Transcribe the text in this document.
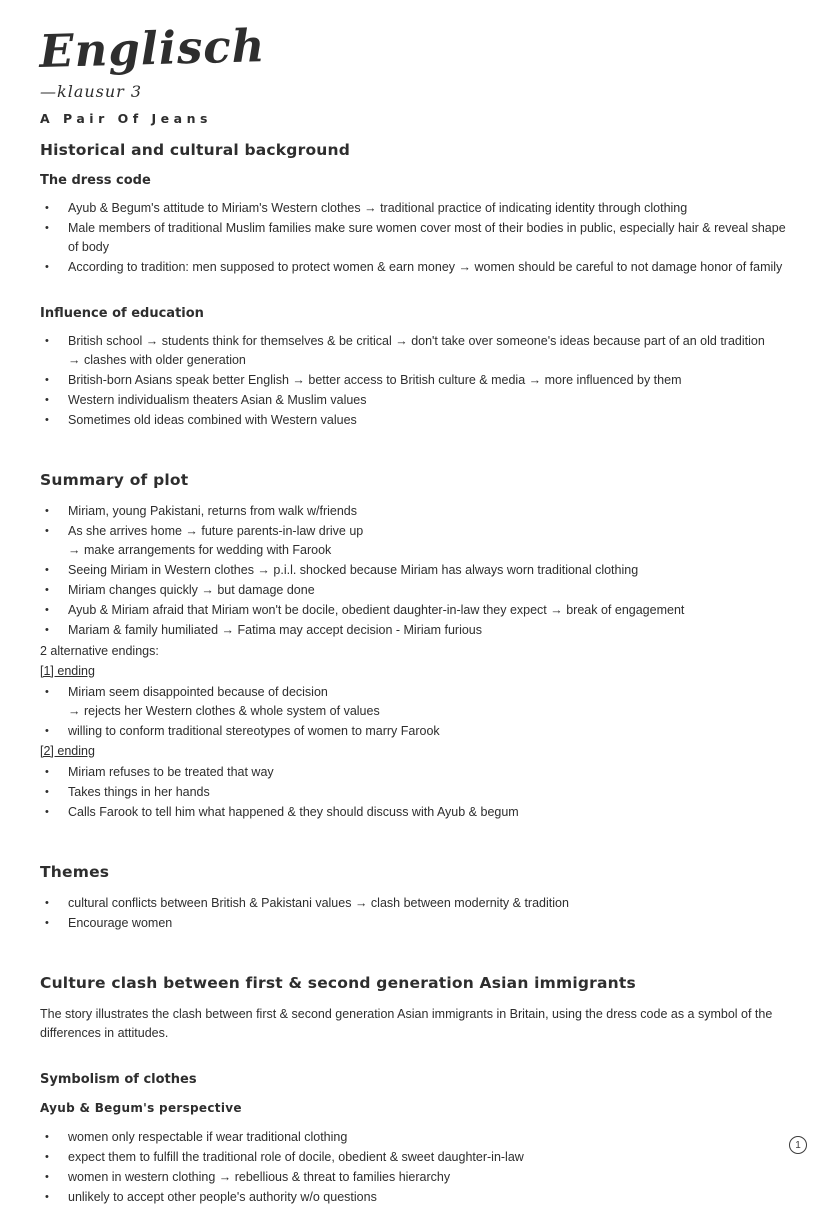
Englisch
—klausur 3
A Pair Of Jeans
Historical and cultural background
The dress code
•	Ayub & Begum's attitude to Miriam's Western clothes → traditional practice of indicating identity through clothing
•	Male members of traditional Muslim families make sure women cover most of their bodies in public, especially hair & reveal shape of body
•	According to tradition: men supposed to protect women & earn money → women should be careful to not damage honor of family
Influence of education
•	British school → students think for themselves & be critical → don't take over someone's ideas because part of an old tradition
→ clashes with older generation
•	British-born Asians speak better English → better access to British culture & media → more influenced by them
•	Western individualism theaters Asian & Muslim values
•	Sometimes old ideas combined with Western values
Summary of plot
•	Miriam, young Pakistani, returns from walk w/friends
•	As she arrives home → future parents-in-law drive up
→ make arrangements for wedding with Farook
•	Seeing Miriam in Western clothes → p.i.l. shocked because Miriam has always worn traditional clothing
•	Miriam changes quickly → but damage done
•	Ayub & Miriam afraid that Miriam won't be docile, obedient daughter-in-law they expect → break of engagement
•	Mariam & family humiliated → Fatima may accept decision - Miriam furious
2 alternative endings:
[1] ending
•	Miriam seem disappointed because of decision
→ rejects her Western clothes & whole system of values
•	willing to conform traditional stereotypes of women to marry Farook
[2] ending
•	Miriam refuses to be treated that way
•	Takes things in her hands
•	Calls Farook to tell him what happened & they should discuss with Ayub & begum
Themes
•	cultural conflicts between British & Pakistani values → clash between modernity & tradition
•	Encourage women
Culture clash between first & second generation Asian immigrants
The story illustrates the clash between first & second generation Asian immigrants in Britain, using the dress code as a symbol of the differences in attitudes.
Symbolism of clothes
Ayub & Begum's perspective
•	women only respectable if wear traditional clothing
•	expect them to fulfill the traditional role of docile, obedient & sweet daughter-in-law
•	women in western clothing → rebellious & threat to families hierarchy
•	unlikely to accept other people's authority w/o questions
1
